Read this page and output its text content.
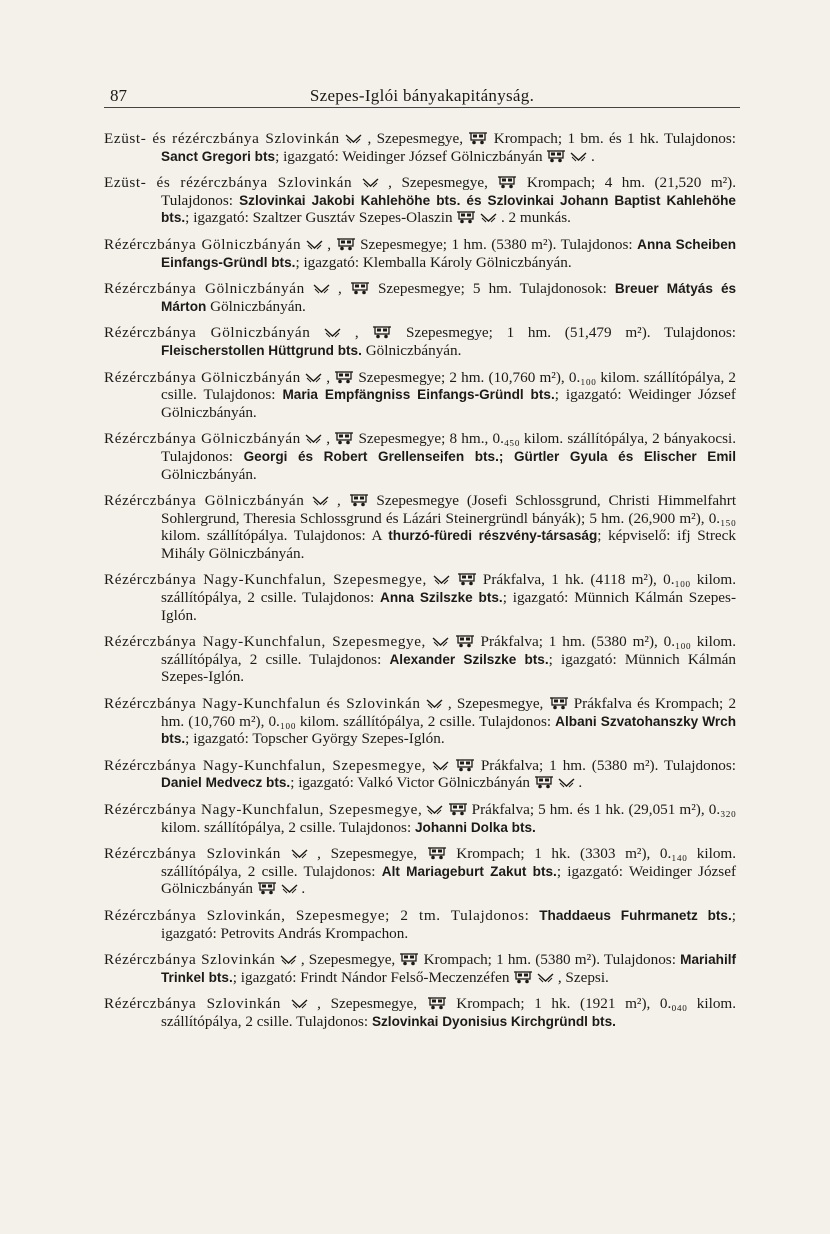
87	Szepes-Iglói bányakapitányság.

Ezüst- és rézérczbánya Szlovinkán , Szepesmegye,
Krompach; 1 bm. és 1 hk. Tulajdonos: Sanct Gregori bts; igazgató: Weidinger József Gölniczbányán
	.

Ezüst- és rézérczbánya Szlovinkán , Szepesmegye,	Krompach; 4 hm. (21,520 m²). Tulajdonos: Szlovinkai Jakobi Kahlehöhe bts. és Szlovinkai Johann Baptist Kahlehöhe bts.; igazgató: Szaltzer Gusztáv Szepes-Olaszin
	. 2 munkás.

Rézérczbánya Gölniczbányán ,
Szepesmegye; 1 hm. (5380 m²). Tulajdonos: Anna Scheiben Einfangs-Gründl bts.; igazgató: Klemballa Károly Gölniczbányán.

Rézérczbánya Gölniczbányán ,
Szepesmegye; 5 hm. Tulajdonosok: Breuer Mátyás és Márton Gölniczbányán.

Rézérczbánya Gölniczbányán	,	Szepesmegye; 1 hm. (51,479 m²). Tulajdonos: Fleischerstollen Hüttgrund bts. Gölniczbányán.

Rézérczbánya Gölniczbányán ,
Szepesmegye; 2 hm. (10,760 m²), 0.₁₀₀ kilom. szállítópálya, 2 csille. Tulajdonos: Maria Empfängniss Einfangs-Gründl bts.; igazgató: Weidinger József Gölniczbányán.

Rézérczbánya Gölniczbányán ,
Szepesmegye; 8 hm., 0.₄₅₀ kilom. szállítópálya, 2 bányakocsi. Tulajdonos: Georgi és Robert Grellenseifen bts.; Gürtler Gyula és Elischer Emil Gölniczbányán.

Rézérczbánya Gölniczbányán ,
Szepesmegye (Josefi Schlossgrund, Christi Himmelfahrt Sohlergrund, Theresia Schlossgrund és Lázári Steinergründl bányák); 5 hm. (26,900 m²), 0.₁₅₀ kilom. szállítópálya. Tulajdonos: A thurzó-füredi részvény-társaság; képviselő: ifj Streck Mihály Gölniczbányán.

Rézérczbánya Nagy-Kunchfalun, Szepesmegye,
	Prákfalva, 1 hk. (4118 m²), 0.₁₀₀ kilom. szállítópálya, 2 csille. Tulajdonos: Anna Szilszke bts.; igazgató: Münnich Kálmán Szepes-Iglón.

Rézérczbánya Nagy-Kunchfalun, Szepesmegye,
	Prákfalva; 1 hm. (5380 m²), 0.₁₀₀ kilom. szállítópálya, 2 csille. Tulajdonos: Alexander Szilszke bts.; igazgató: Münnich Kálmán Szepes-Iglón.

Rézérczbánya Nagy-Kunchfalun és Szlovinkán , Szepesmegye,
Prákfalva és Krompach; 2 hm. (10,760 m²), 0.₁₀₀ kilom. szállítópálya, 2 csille. Tulajdonos: Albani Szvatohanszky Wrch bts.; igazgató: Topscher György Szepes-Iglón.

Rézérczbánya Nagy-Kunchfalun, Szepesmegye,
	Prákfalva; 1 hm. (5380 m²). Tulajdonos: Daniel Medvecz bts.; igazgató: Valkó Victor Gölniczbányán
	.

Rézérczbánya Nagy-Kunchfalun, Szepesmegye,
	Prákfalva; 5 hm. és 1 hk. (29,051 m²), 0.₃₂₀ kilom. szállítópálya, 2 csille. Tulajdonos: Johanni Dolka bts.

Rézérczbánya Szlovinkán , Szepesmegye,	Krompach; 1 hk. (3303 m²), 0.₁₄₀ kilom. szállítópálya, 2 csille. Tulajdonos: Alt Mariageburt Zakut bts.; igazgató: Weidinger József Gölniczbányán
	.

Rézérczbánya Szlovinkán, Szepesmegye; 2 tm. Tulajdonos: Thaddaeus Fuhrmanetz bts.; igazgató: Petrovits András Krompachon.

Rézérczbánya Szlovinkán , Szepesmegye,
Krompach; 1 hm. (5380 m²). Tulajdonos: Mariahilf Trinkel bts.; igazgató: Frindt Nándor Felső-Meczenzéfen
	, Szepsi.

Rézérczbánya Szlovinkán , Szepesmegye,	Krompach; 1 hk. (1921 m²), 0.₀₄₀ kilom. szállítópálya, 2 csille. Tulajdonos: Szlovinkai Dyonisius Kirchgründl bts.
